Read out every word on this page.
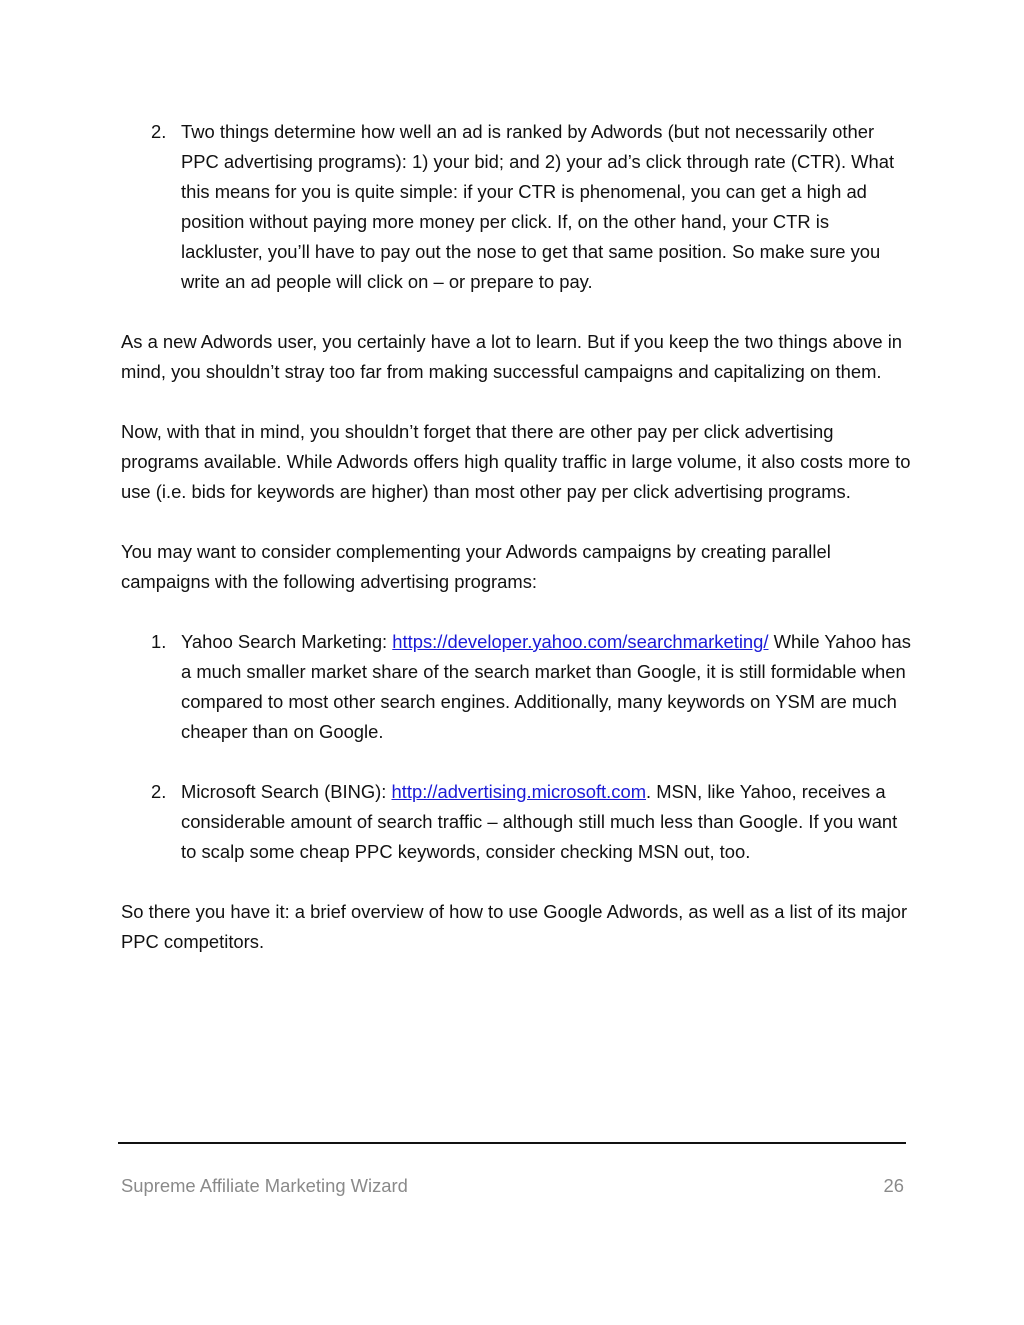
2. Two things determine how well an ad is ranked by Adwords (but not necessarily other PPC advertising programs): 1) your bid; and 2) your ad’s click through rate (CTR). What this means for you is quite simple: if your CTR is phenomenal, you can get a high ad position without paying more money per click. If, on the other hand, your CTR is lackluster, you’ll have to pay out the nose to get that same position. So make sure you write an ad people will click on – or prepare to pay.

As a new Adwords user, you certainly have a lot to learn. But if you keep the two things above in mind, you shouldn’t stray too far from making successful campaigns and capitalizing on them.

Now, with that in mind, you shouldn’t forget that there are other pay per click advertising programs available. While Adwords offers high quality traffic in large volume, it also costs more to use (i.e. bids for keywords are higher) than most other pay per click advertising programs.

You may want to consider complementing your Adwords campaigns by creating parallel campaigns with the following advertising programs:

1. Yahoo Search Marketing: https://developer.yahoo.com/searchmarketing/ While Yahoo has a much smaller market share of the search market than Google, it is still formidable when compared to most other search engines. Additionally, many keywords on YSM are much cheaper than on Google.
2. Microsoft Search (BING): http://advertising.microsoft.com. MSN, like Yahoo, receives a considerable amount of search traffic – although still much less than Google. If you want to scalp some cheap PPC keywords, consider checking MSN out, too.

So there you have it: a brief overview of how to use Google Adwords, as well as a list of its major PPC competitors.

Supreme Affiliate Marketing Wizard	26
